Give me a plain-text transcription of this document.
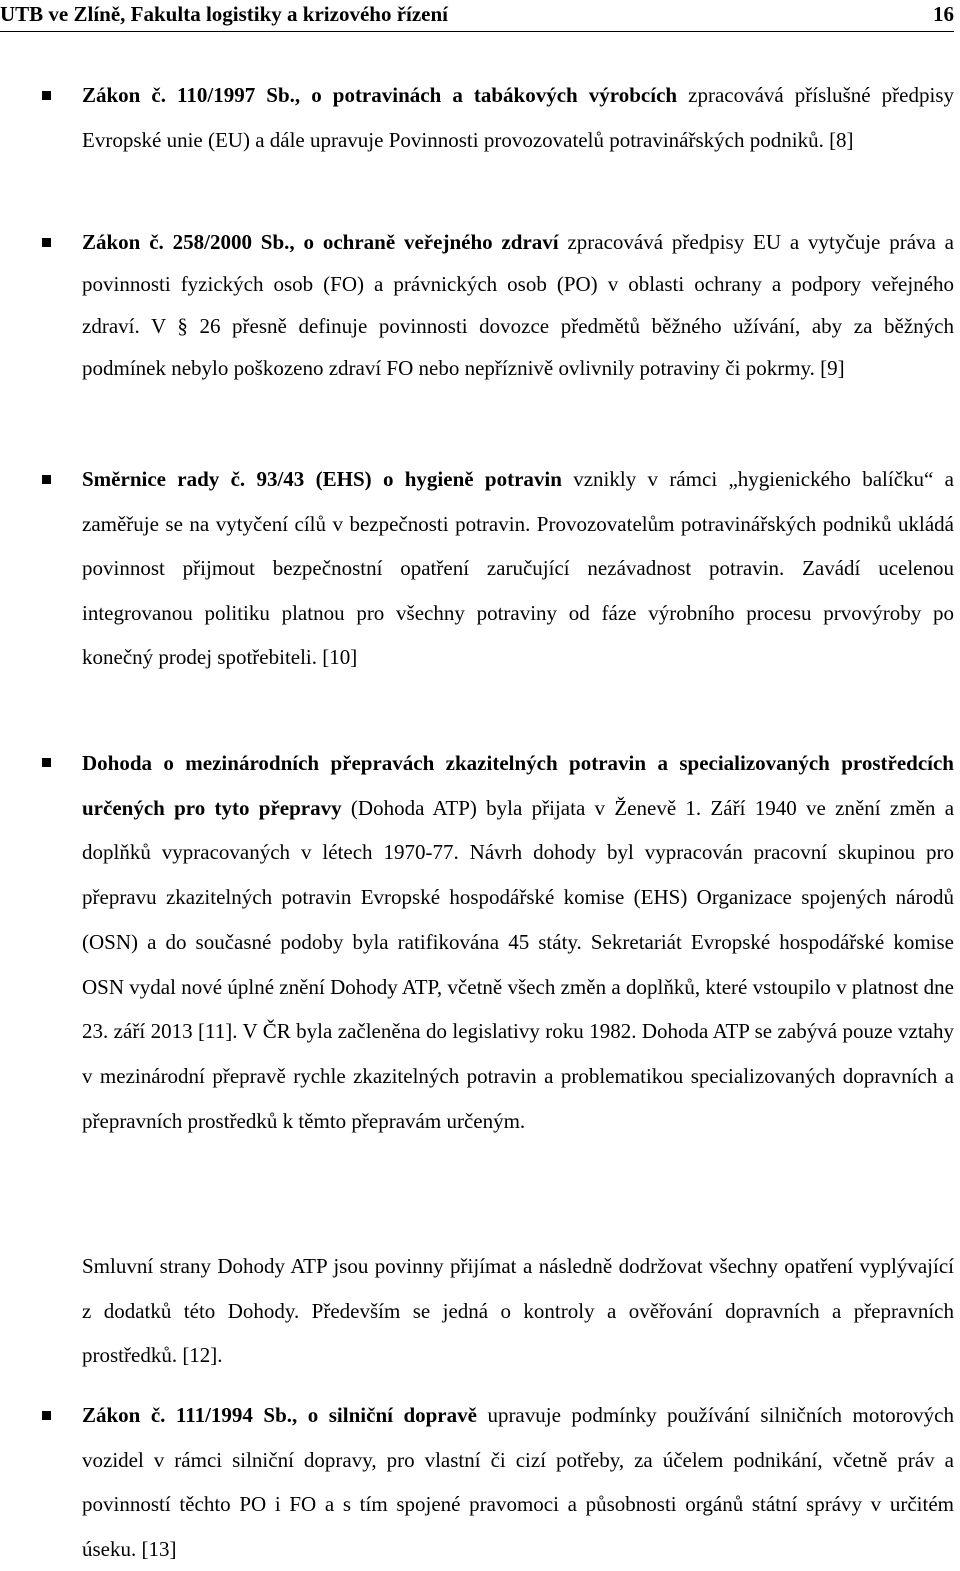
UTB ve Zlíně, Fakulta logistiky a krizového řízení	16
Zákon č. 110/1997 Sb., o potravinách a tabákových výrobcích zpracovává příslušné předpisy Evropské unie (EU) a dále upravuje Povinnosti provozovatelů potravinářských podniků. [8]
Zákon č. 258/2000 Sb., o ochraně veřejného zdraví zpracovává předpisy EU a vytyčuje práva a povinnosti fyzických osob (FO) a právnických osob (PO) v oblasti ochrany a podpory veřejného zdraví. V § 26 přesně definuje povinnosti dovozce předmětů běžného užívání, aby za běžných podmínek nebylo poškozeno zdraví FO nebo nepříznivě ovlivnily potraviny či pokrmy. [9]
Směrnice rady č. 93/43 (EHS) o hygieně potravin vznikly v rámci „hygienického balíčku“ a zaměřuje se na vytyčení cílů v bezpečnosti potravin. Provozovatelům potravinářských podniků ukládá povinnost přijmout bezpečnostní opatření zaručující nezávadnost potravin. Zavádí ucelenou integrovanou politiku platnou pro všechny potraviny od fáze výrobního procesu prvovýroby po konečný prodej spotřebiteli. [10]
Dohoda o mezinárodních přepravách zkazitelných potravin a specializovaných prostředcích určených pro tyto přepravy (Dohoda ATP) byla přijata v Ženevě 1. Září 1940 ve znění změn a doplňků vypracovaných v létech 1970-77. Návrh dohody byl vypracován pracovní skupinou pro přepravu zkazitelných potravin Evropské hospodářské komise (EHS) Organizace spojených národů (OSN) a do současné podoby byla ratifikována 45 státy. Sekretariát Evropské hospodářské komise OSN vydal nové úplné znění Dohody ATP, včetně všech změn a doplňků, které vstoupilo v platnost dne 23. září 2013 [11]. V ČR byla začleněna do legislativy roku 1982. Dohoda ATP se zabývá pouze vztahy v mezinárodní přepravě rychle zkazitelných potravin a problematikou specializovaných dopravních a přepravních prostředků k těmto přepravám určeným.
Smluvní strany Dohody ATP jsou povinny přijímat a následně dodržovat všechny opatření vyplývající z dodatků této Dohody. Především se jedná o kontroly a ověřování dopravních a přepravních prostředků. [12].
Zákon č. 111/1994 Sb., o silniční dopravě upravuje podmínky používání silničních motorových vozidel v rámci silniční dopravy, pro vlastní či cizí potřeby, za účelem podnikání, včetně práv a povinností těchto PO i FO a s tím spojené pravomoci a působnosti orgánů státní správy v určitém úseku. [13]
